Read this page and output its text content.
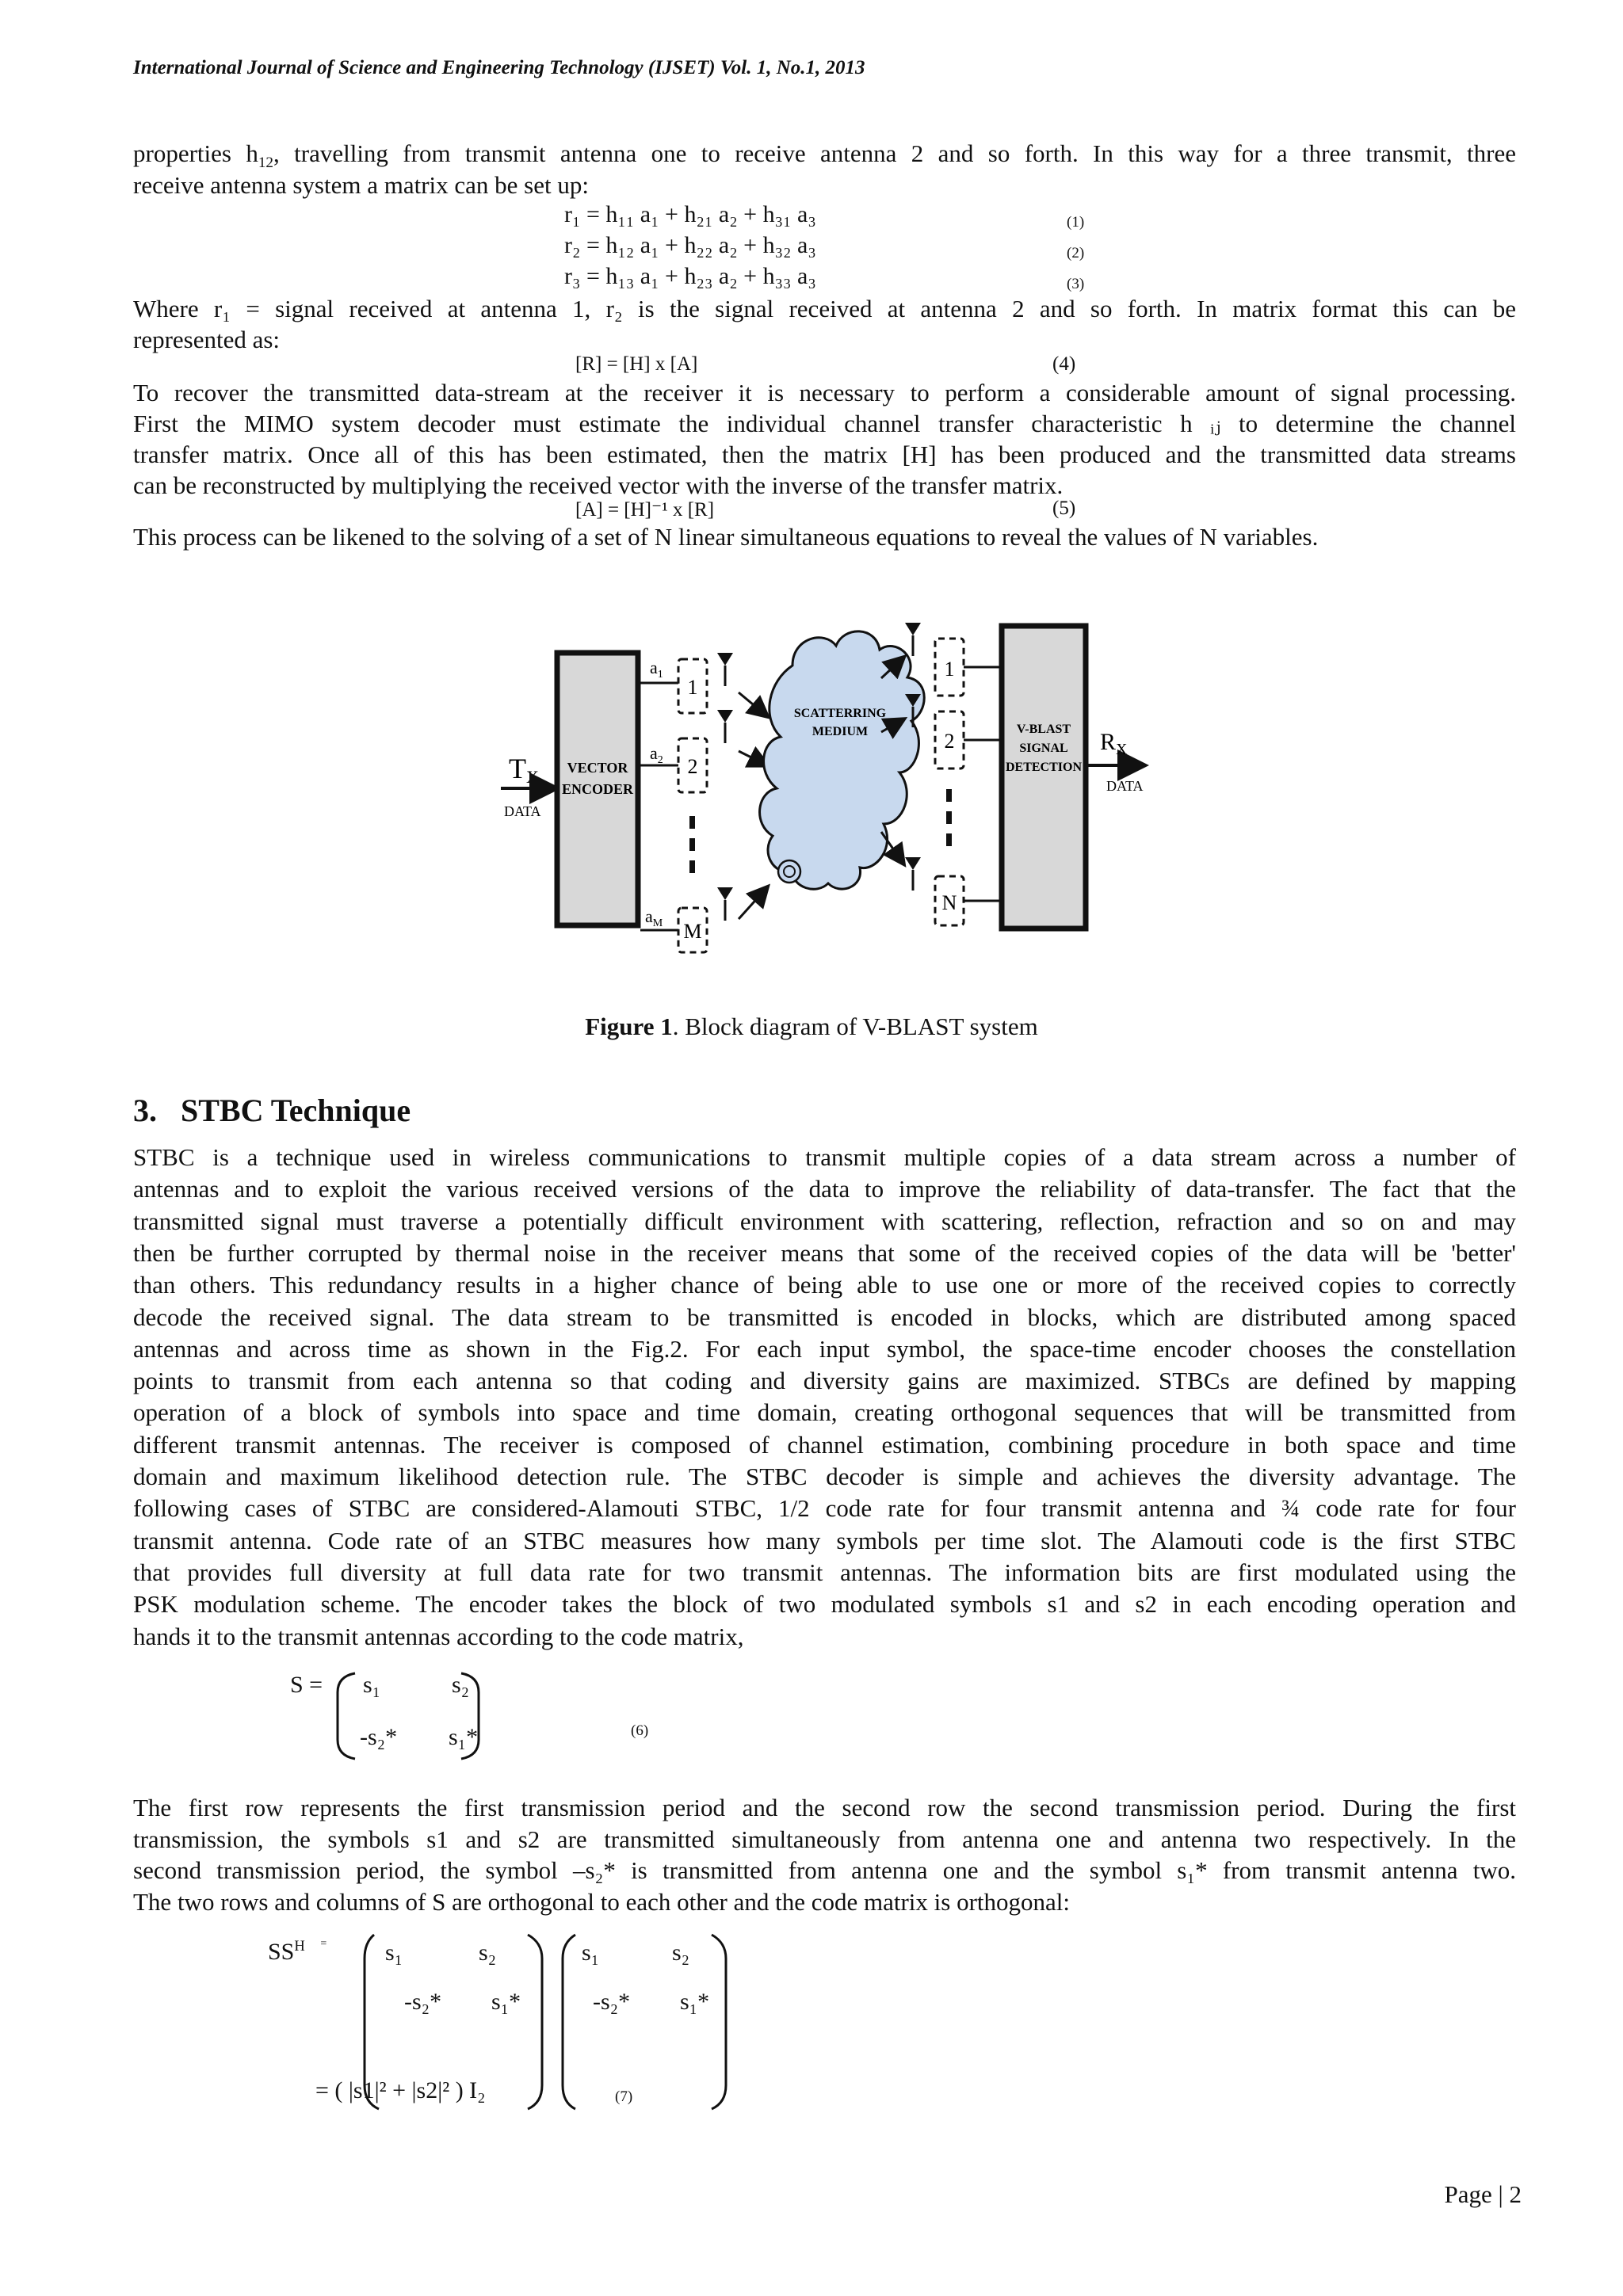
International Journal of Science and Engineering Technology (IJSET) Vol. 1, No.1, 2013
properties $h_{12}$, travelling from transmit antenna one to receive antenna 2 and so forth. In this way for a three transmit, three
receive antenna system a matrix can be set up:
r₁ = h₁₁ a₁ + h₂₁ a₂ + h₃₁ a₃	(1)
r₂ = h₁₂ a₁ + h₂₂ a₂ + h₃₂ a₃	(2)
r₃ = h₁₃ a₁ + h₂₃ a₂ + h₃₃ a₃	(3)
Where r₁ = signal received at antenna 1, r₂ is the signal received at antenna 2 and so forth. In matrix format this can be
represented as:
[R] = [H] x [A]	(4)
To recover the transmitted data-stream at the receiver it is necessary to perform a considerable amount of signal processing.
First the MIMO system decoder must estimate the individual channel transfer characteristic h ᵢⱼ to determine the channel
transfer matrix. Once all of this has been estimated, then the matrix [H] has been produced and the transmitted data streams
can be reconstructed by multiplying the received vector with the inverse of the transfer matrix.
[A] = [H]⁻¹ x [R]	(5)
This process can be likened to the solving of a set of N linear simultaneous equations to reveal the values of N variables.
TX
DATA
VECTOR
ENCODER
$a_1$
$a_2$
$a_M$
1
2
M
SCATTERRING
MEDIUM
1
2
N
V-BLAST
SIGNAL
DETECTION
$R_X$
DATA
Figure 1. Block diagram of V-BLAST system
3. STBC Technique
STBC is a technique used in wireless communications to transmit multiple copies of a data stream across a number of
antennas and to exploit the various received versions of the data to improve the reliability of data-transfer. The fact that the
transmitted signal must traverse a potentially difficult environment with scattering, reflection, refraction and so on and may
then be further corrupted by thermal noise in the receiver means that some of the received copies of the data will be 'better'
than others. This redundancy results in a higher chance of being able to use one or more of the received copies to correctly
decode the received signal. The data stream to be transmitted is encoded in blocks, which are distributed among spaced
antennas and across time as shown in the Fig.2. For each input symbol, the space-time encoder chooses the constellation
points to transmit from each antenna so that coding and diversity gains are maximized. STBCs are defined by mapping
operation of a block of symbols into space and time domain, creating orthogonal sequences that will be transmitted from
different transmit antennas. The receiver is composed of channel estimation, combining procedure in both space and time
domain and maximum likelihood detection rule. The STBC decoder is simple and achieves the diversity advantage. The
following cases of STBC are considered-Alamouti STBC, 1/2 code rate for four transmit antenna and ¾ code rate for four
transmit antenna. Code rate of an STBC measures how many symbols per time slot. The Alamouti code is the first STBC
that provides full diversity at full data rate for two transmit antennas. The information bits are first modulated using the
PSK modulation scheme. The encoder takes the block of two modulated symbols s1 and s2 in each encoding operation and
hands it to the transmit antennas according to the code matrix,
S = s₁	s₂
-s₂* s₁*	(6)
The first row represents the first transmission period and the second row the second transmission period. During the first
transmission, the symbols s1 and s2 are transmitted simultaneously from antenna one and antenna two respectively. In the
second transmission period, the symbol –s₂* is transmitted from antenna one and the symbol s₁* from transmit antenna two.
The two rows and columns of S are orthogonal to each other and the code matrix is orthogonal:
$SS^H$ = s₁	s₂
-s₂* s₁*
s₁	s₂
-s₂* s₁*
= ( |s1|² + |s2|² ) I₂	(7)
Page | 2
